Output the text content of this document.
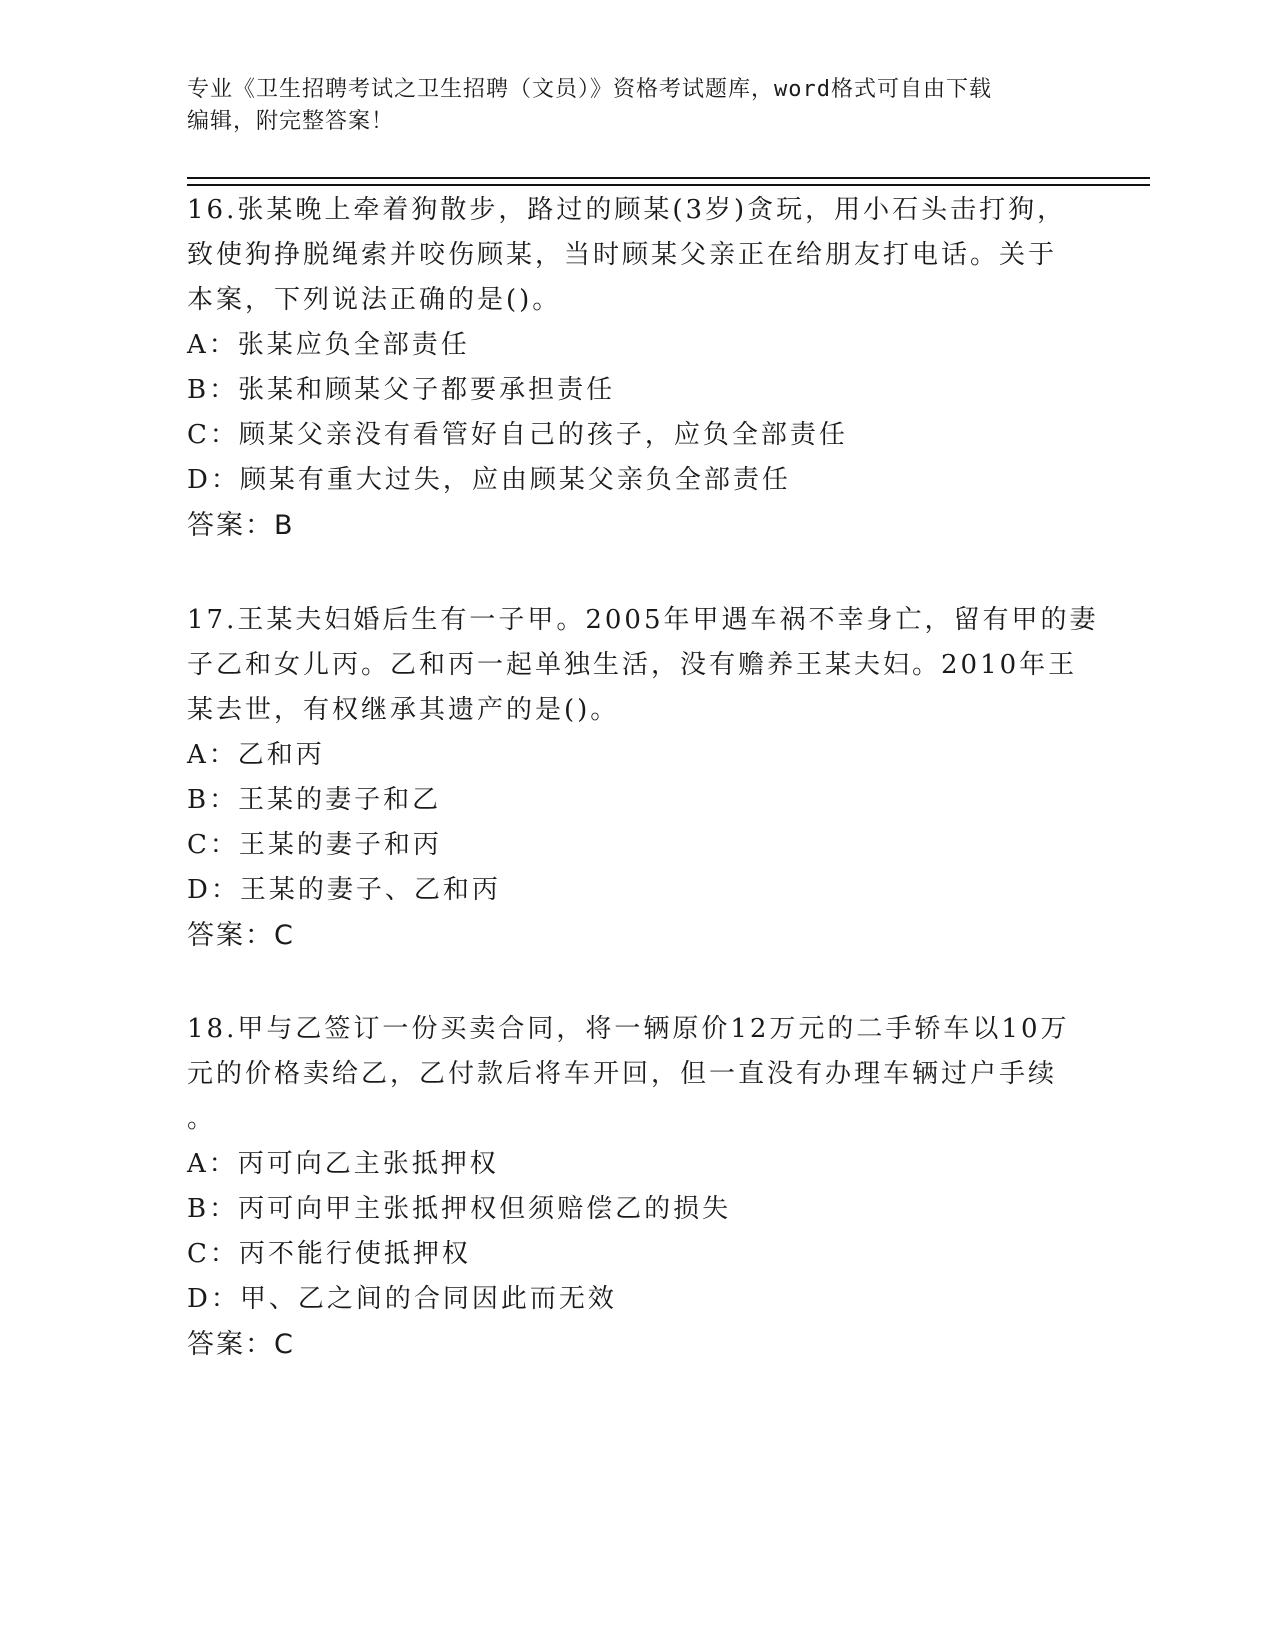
专业《卫生招聘考试之卫生招聘（文员）》资格考试题库，word格式可自由下载
编辑，附完整答案！
16.张某晚上牵着狗散步，路过的顾某(3岁)贪玩，用小石头击打狗，
致使狗挣脱绳索并咬伤顾某，当时顾某父亲正在给朋友打电话。关于
本案，下列说法正确的是()。
A：张某应负全部责任
B：张某和顾某父子都要承担责任
C：顾某父亲没有看管好自己的孩子，应负全部责任
D：顾某有重大过失，应由顾某父亲负全部责任
答案：B
17.王某夫妇婚后生有一子甲。2005年甲遇车祸不幸身亡，留有甲的妻
子乙和女儿丙。乙和丙一起单独生活，没有赡养王某夫妇。2010年王
某去世，有权继承其遗产的是()。
A：乙和丙
B：王某的妻子和乙
C：王某的妻子和丙
D：王某的妻子、乙和丙
答案：C
18.甲与乙签订一份买卖合同，将一辆原价12万元的二手轿车以10万
元的价格卖给乙，乙付款后将车开回，但一直没有办理车辆过户手续
。
A：丙可向乙主张抵押权
B：丙可向甲主张抵押权但须赔偿乙的损失
C：丙不能行使抵押权
D：甲、乙之间的合同因此而无效
答案：C
